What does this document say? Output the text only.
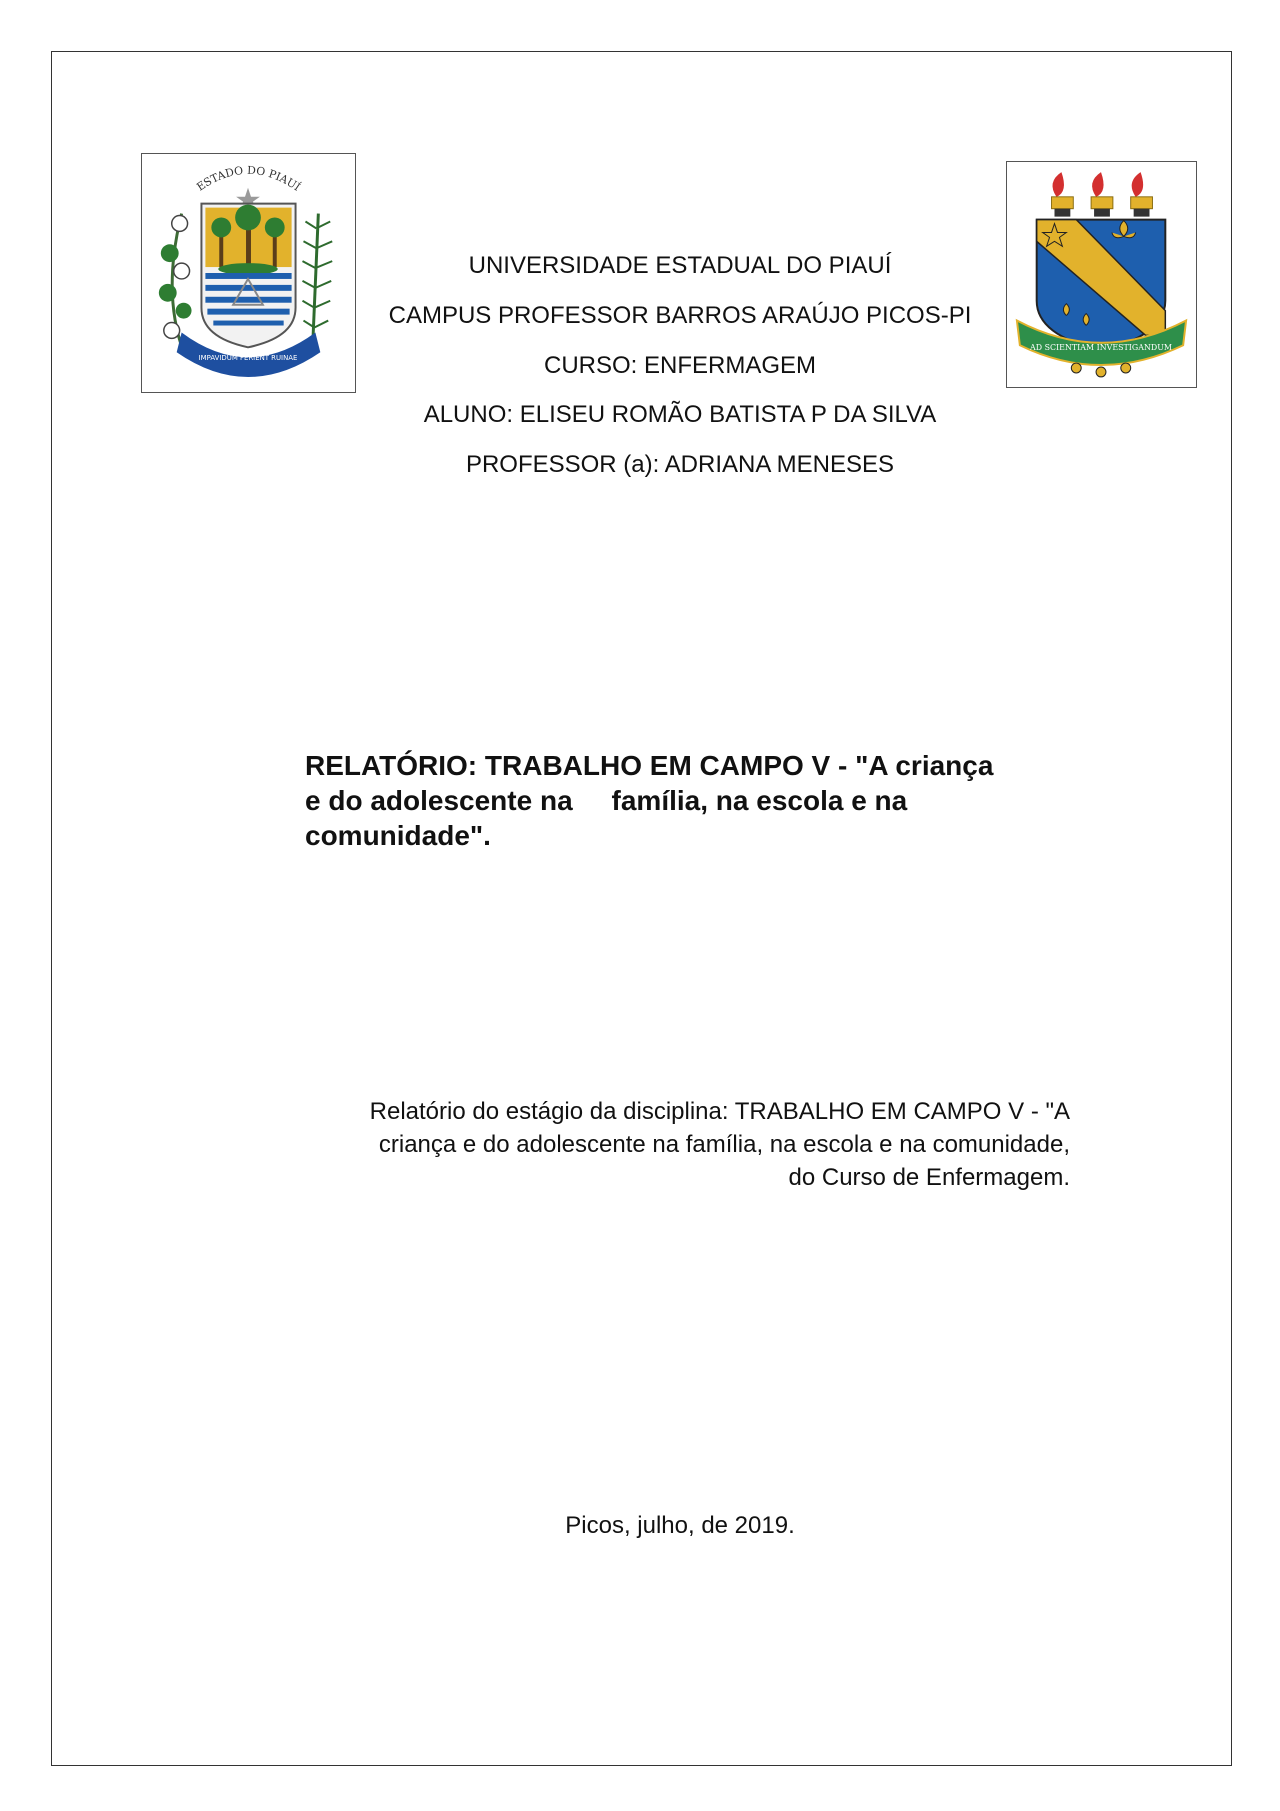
ESTADO DO PIAUÍ
IMPAVIDUM FERIENT RUINAE
AD SCIENTIAM INVESTIGANDUM
UNIVERSIDADE ESTADUAL DO PIAUÍ
CAMPUS PROFESSOR BARROS ARAÚJO PICOS-PI
CURSO: ENFERMAGEM
ALUNO: ELISEU ROMÃO BATISTA P DA SILVA
PROFESSOR (a): ADRIANA MENESES
RELATÓRIO: TRABALHO EM CAMPO V - "A criança
e do adolescente na     família, na escola e na
comunidade".
Relatório do estágio da disciplina: TRABALHO EM CAMPO V - "A
criança e do adolescente na família, na escola e na comunidade,
do Curso de Enfermagem.
Picos, julho, de 2019.
